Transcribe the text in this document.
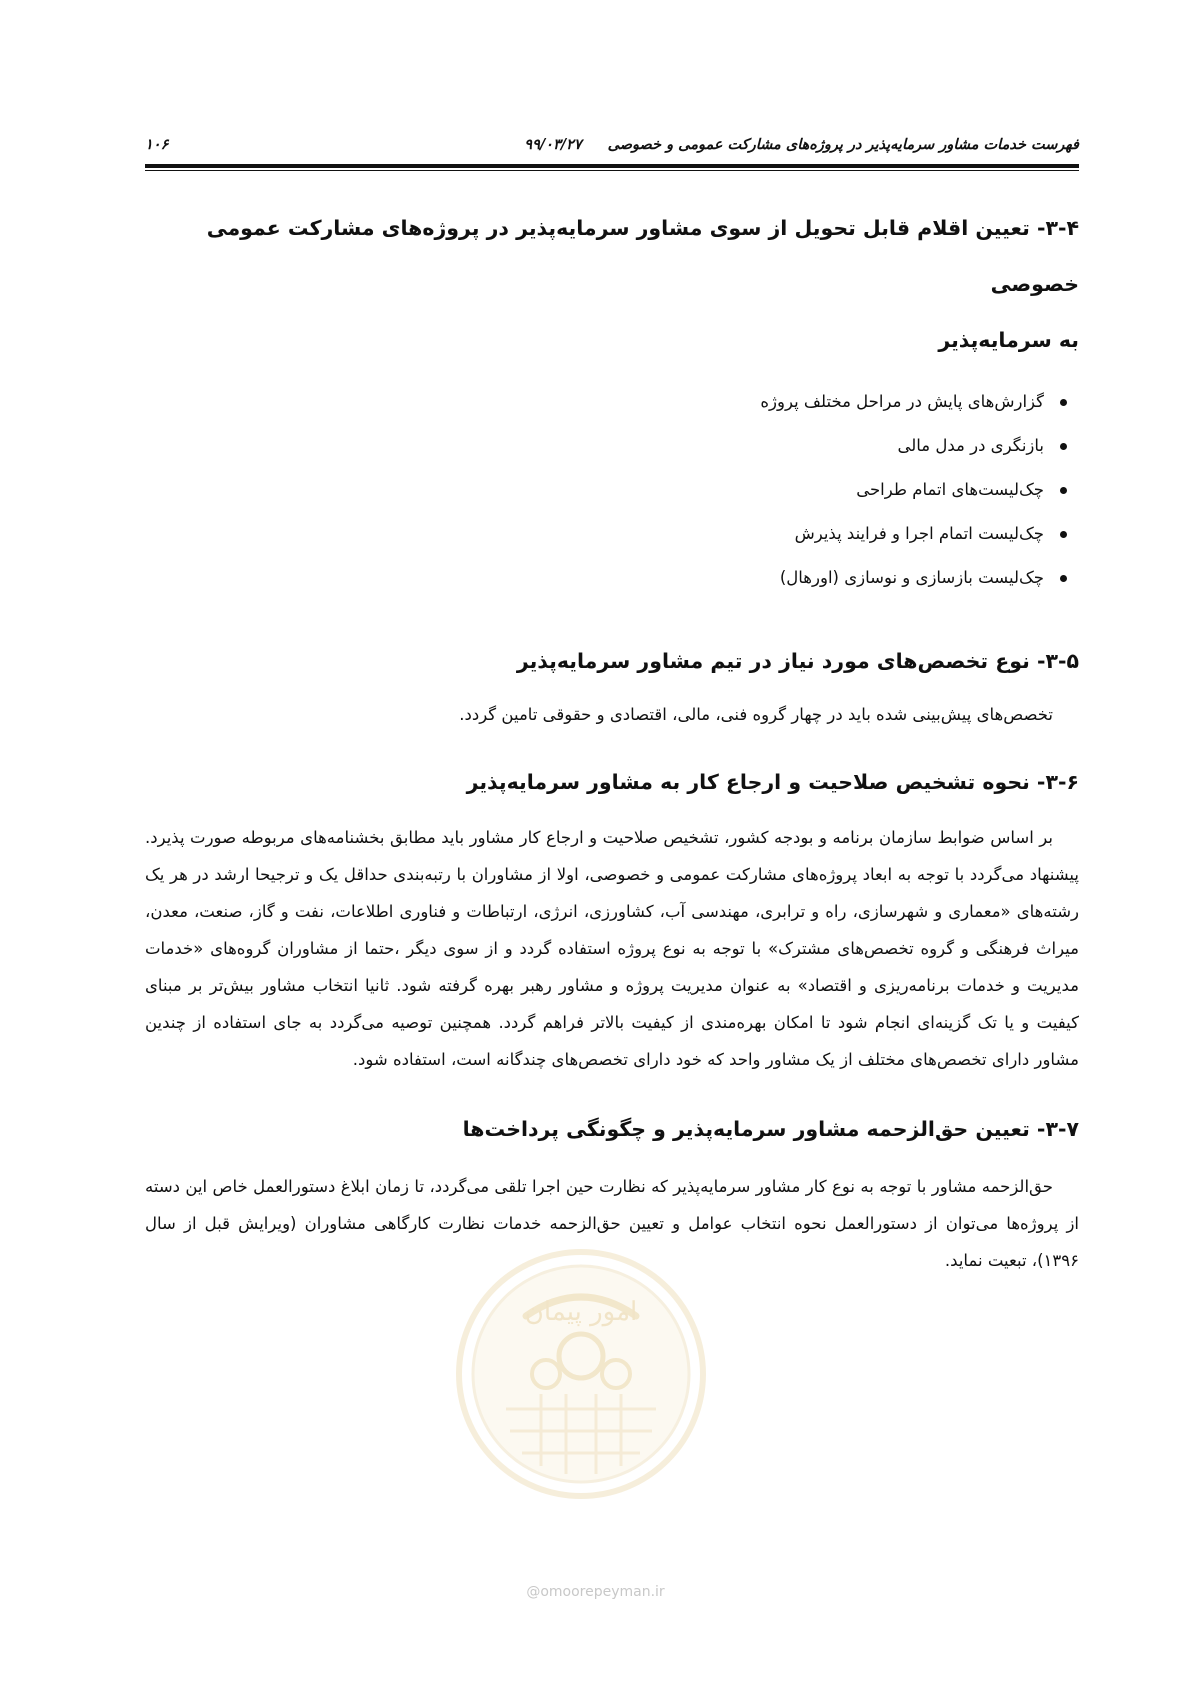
فهرست خدمات مشاور سرمایه‌پذیر در پروژه‌های مشارکت عمومی و خصوصی
۹۹/۰۳/۲۷
۱۰۶
۳-۴- تعیین اقلام قابل تحویل از سوی مشاور سرمایه‌پذیر در پروژه‌های مشارکت عمومی خصوصی
به سرمایه‌پذیر
گزارش‌های پایش در مراحل مختلف پروژه
بازنگری در مدل مالی
چک‌لیست‌های اتمام طراحی
چک‌لیست اتمام اجرا و فرایند پذیرش
چک‌لیست بازسازی و نوسازی (اورهال)
۳-۵- نوع تخصص‌های مورد نیاز در تیم مشاور سرمایه‌پذیر

تخصص‌های پیش‌بینی شده باید در چهار گروه فنی، مالی، اقتصادی و حقوقی تامین گردد.

۳-۶- نحوه تشخیص صلاحیت و ارجاع کار به مشاور سرمایه‌پذیر

بر اساس ضوابط سازمان برنامه و بودجه کشور، تشخیص صلاحیت و ارجاع کار مشاور باید مطابق بخشنامه‌های مربوطه صورت پذیرد. پیشنهاد می‌گردد با توجه به ابعاد پروژه‌های مشارکت عمومی و خصوصی، اولا از مشاوران با رتبه‌بندی حداقل یک و ترجیحا ارشد در هر یک رشته‌های «معماری و شهرسازی، راه و ترابری، مهندسی آب، کشاورزی، انرژی، ارتباطات و فناوری اطلاعات، نفت و گاز، صنعت، معدن، میراث فرهنگی و گروه تخصص‌های مشترک» با توجه به نوع پروژه استفاده گردد و از سوی دیگر ،حتما از مشاوران گروه‌های «خدمات مدیریت و خدمات برنامه‌ریزی و اقتصاد» به عنوان مدیریت پروژه و مشاور رهبر بهره گرفته شود. ثانیا انتخاب مشاور بیش‌تر بر مبنای کیفیت و یا تک گزینه‌ای انجام شود تا امکان بهره‌مندی از کیفیت بالاتر فراهم گردد. همچنین توصیه می‌گردد به جای استفاده از چندین مشاور دارای تخصص‌های مختلف از یک مشاور واحد که خود دارای تخصص‌های چندگانه است، استفاده شود.

۳-۷- تعیین حق‌الزحمه مشاور سرمایه‌پذیر و چگونگی پرداخت‌ها

حق‌الزحمه مشاور با توجه به نوع کار مشاور سرمایه‌پذیر که نظارت حین اجرا تلقی می‌گردد، تا زمان ابلاغ دستورالعمل خاص این دسته از پروژه‌ها می‌توان از دستورالعمل نحوه انتخاب عوامل و تعیین حق‌الزحمه خدمات نظارت کارگاهی مشاوران (ویرایش قبل از سال ۱۳۹۶)، تبعیت نماید.

امور پیمان
@omoorepeyman.ir
